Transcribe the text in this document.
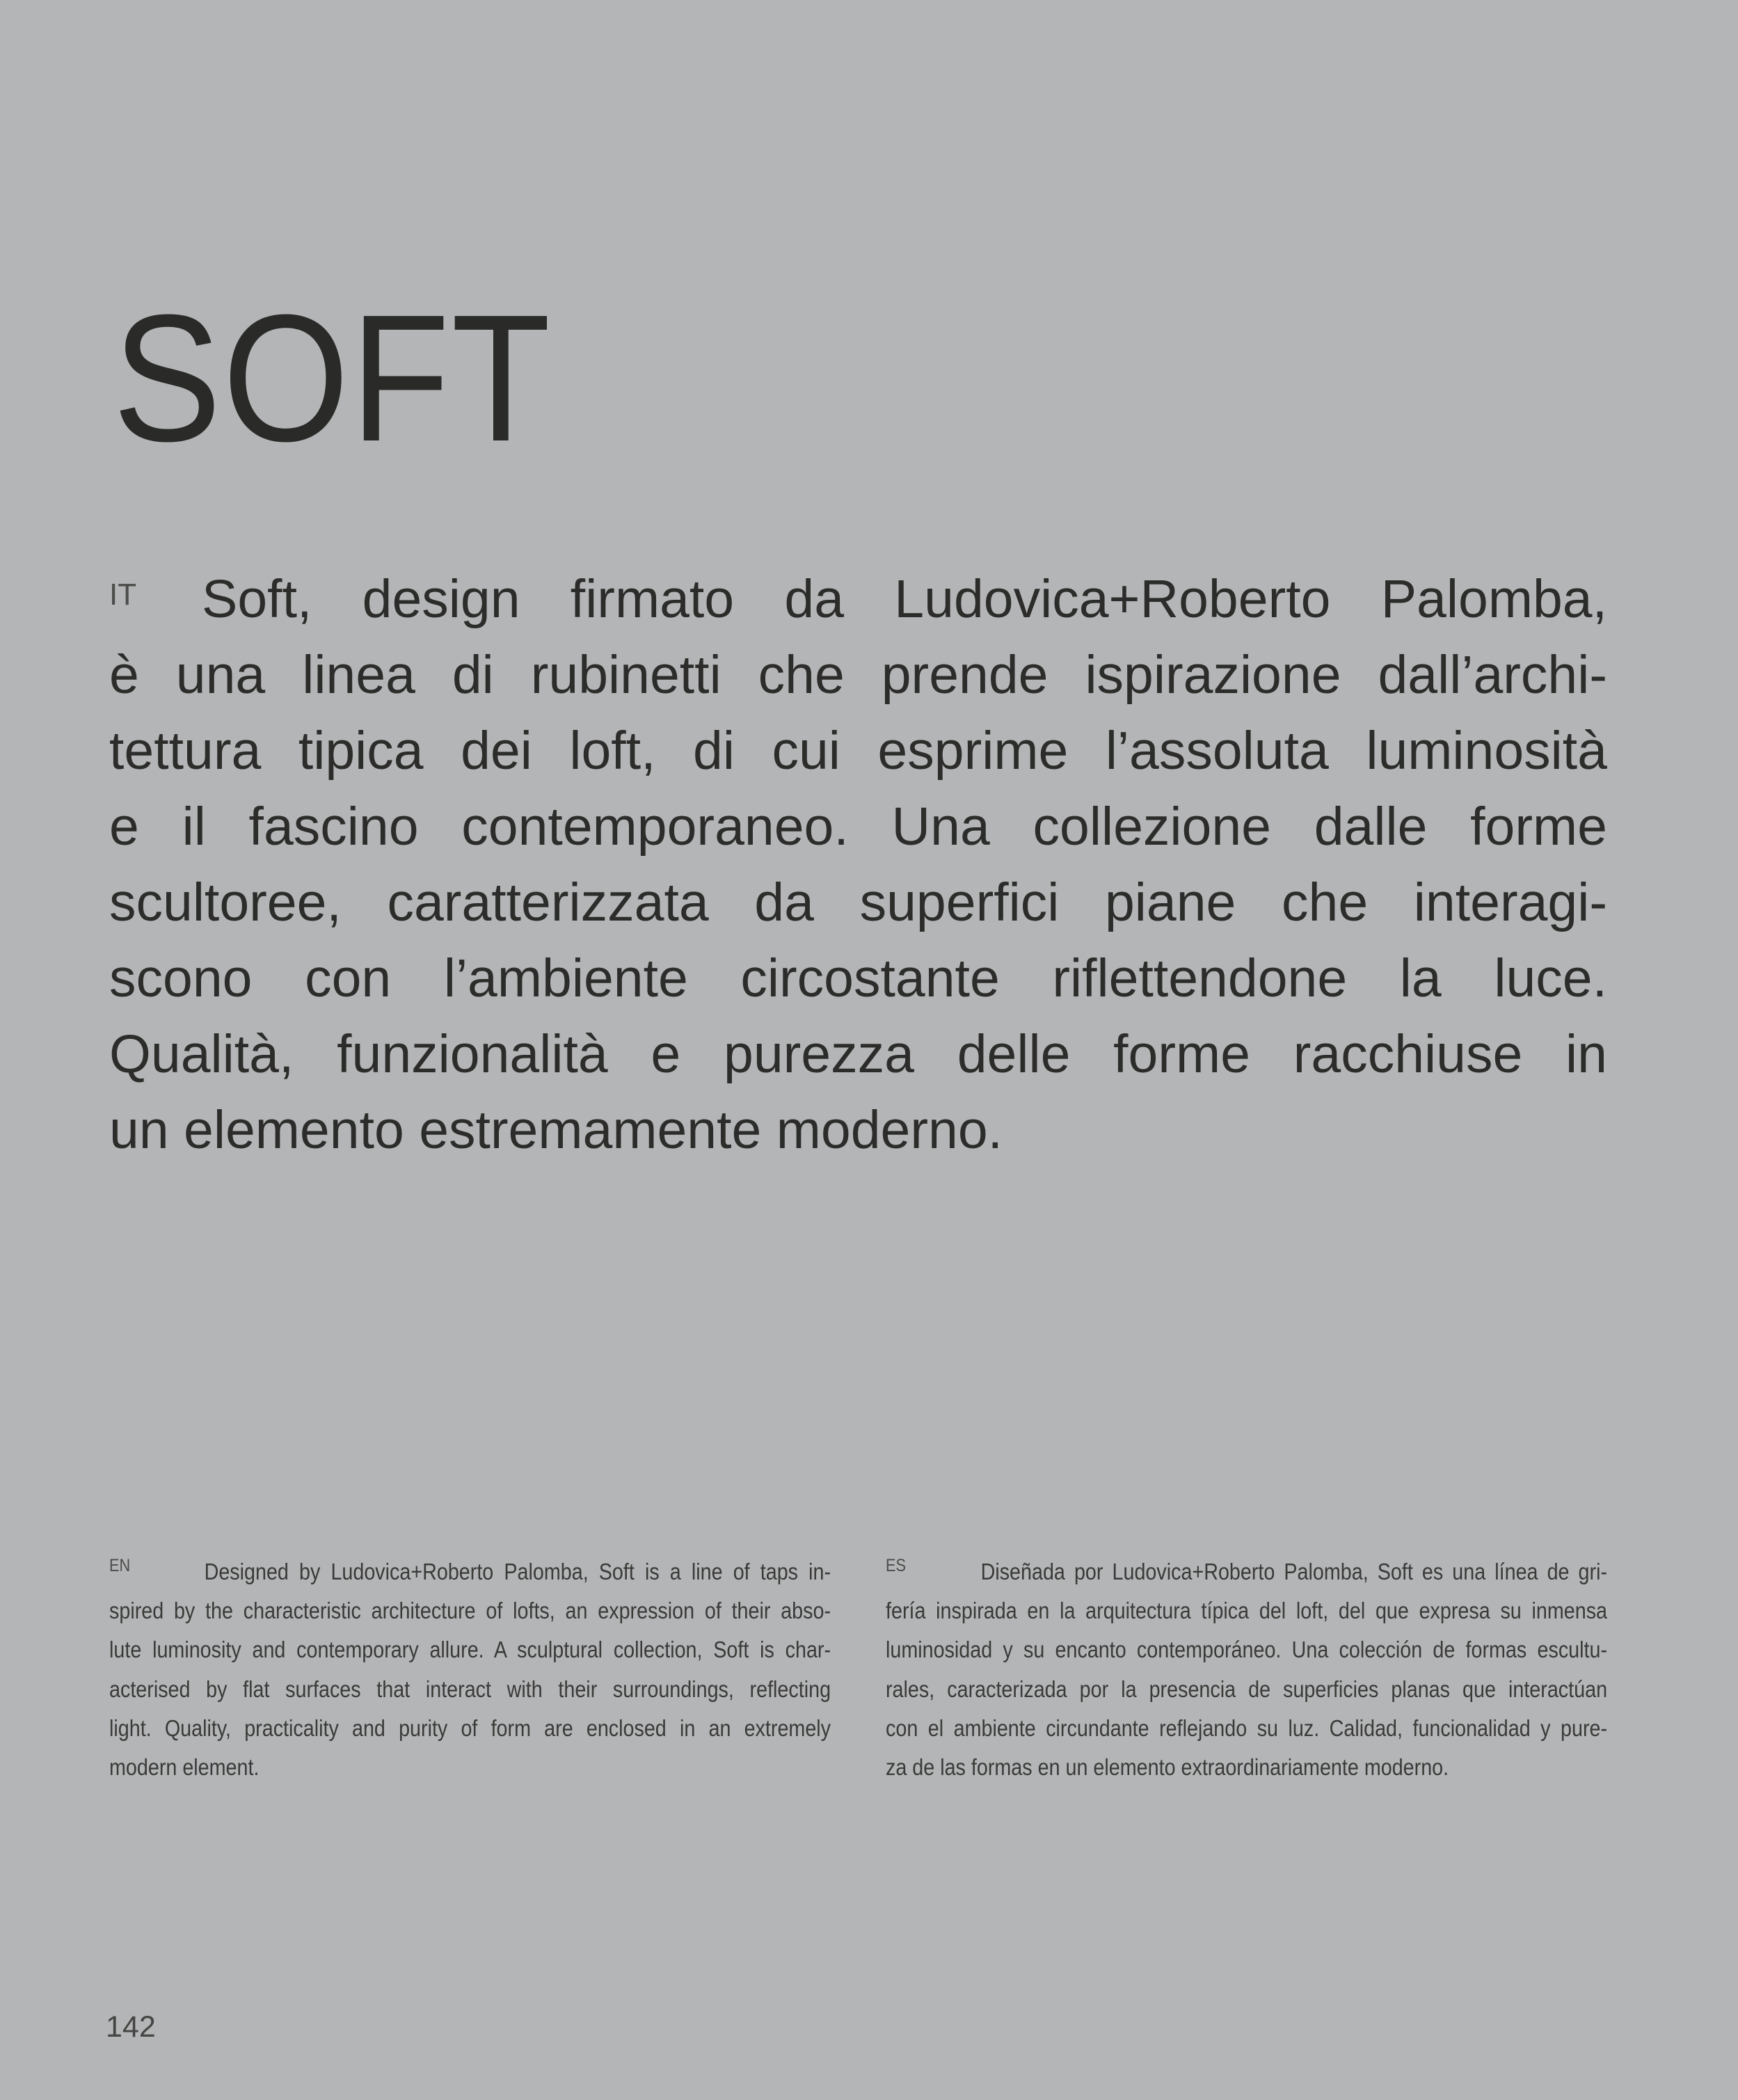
SOFT
IT Soft, design firmato da Ludovica+Roberto Palomba,
è una linea di rubinetti che prende ispirazione dall’archi-
tettura tipica dei loft, di cui esprime l’assoluta luminosità
e il fascino contemporaneo. Una collezione dalle forme
scultoree, caratterizzata da superfici piane che interagi-
scono con l’ambiente circostante riflettendone la luce.
Qualità, funzionalità e purezza delle forme racchiuse in
un elemento estremamente moderno.
EN	Designed by Ludovica+Roberto Palomba, Soft is a line of taps in-
spired by the characteristic architecture of lofts, an expression of their abso-
lute luminosity and contemporary allure. A sculptural collection, Soft is char-
acterised by flat surfaces that interact with their surroundings, reflecting
light. Quality, practicality and purity of form are enclosed in an extremely
modern element.
ES	Diseñada por Ludovica+Roberto Palomba, Soft es una línea de gri-
fería inspirada en la arquitectura típica del loft, del que expresa su inmensa
luminosidad y su encanto contemporáneo. Una colección de formas escultu-
rales, caracterizada por la presencia de superficies planas que interactúan
con el ambiente circundante reflejando su luz. Calidad, funcionalidad y pure-
za de las formas en un elemento extraordinariamente moderno.
142
